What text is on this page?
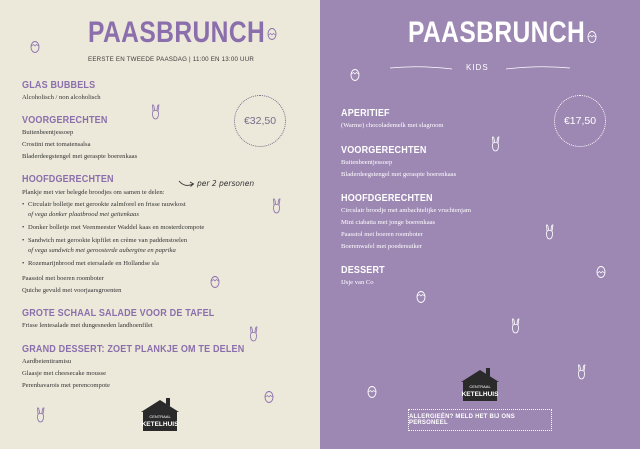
PAASBRUNCH
EERSTE EN TWEEDE PAASDAG | 11:00 EN 13:00 UUR
€32,50
GLAS BUBBELS
Alcoholisch / non alcoholisch
VOORGERECHTEN
Buitenbeentjessoep
Crostini met tomatensalsa
Bladerdeegstengel met geraspte boerenkaas
HOOFDGERECHTEN	per 2 personen
Plankje met vier belegde broodjes om samen te delen:
• Circulair bolletje met gerookte zalmforel en frisse rauwkost
of vega donker plaatbrood met geitenkaas
• Donker bolletje met Veenmeester Waddel kaas en mosterdcompote
• Sandwich met gerookte kipfilet en crème van paddenstoelen
of vega sandwich met geroosterde aubergine en paprika
• Rozemarijnbrood met eiersalade en Hollandse sla
Paasstol met boeren roomboter
Quiche gevuld met voorjaarsgroenten
GROTE SCHAAL SALADE VOOR DE TAFEL
Frisse lentesalade met dungesneden landhoenfilet
GRAND DESSERT: ZOET PLANKJE OM TE DELEN
Aardbeientiramisu
Glaasje met cheesecake mousse
Perenbavarois met perencompote
CENTRAAL
KETELHUIS
PAASBRUNCH
KIDS
€17,50
APERITIEF
(Warme) chocolademelk met slagroom
VOORGERECHTEN
Buitenbeentjessoep
Bladerdeegstengel met geraspte boerenkaas
HOOFDGERECHTEN
Circulair broodje met ambachtelijke vruchtenjam
Mini ciabatta met jonge boerenkaas
Paasstol met boeren roomboter
Boerenwafel met poedersuiker
DESSERT
IJsje van Co
CENTRAAL
KETELHUIS
ALLERGIEËN? MELD HET BIJ ONS PERSONEEL
